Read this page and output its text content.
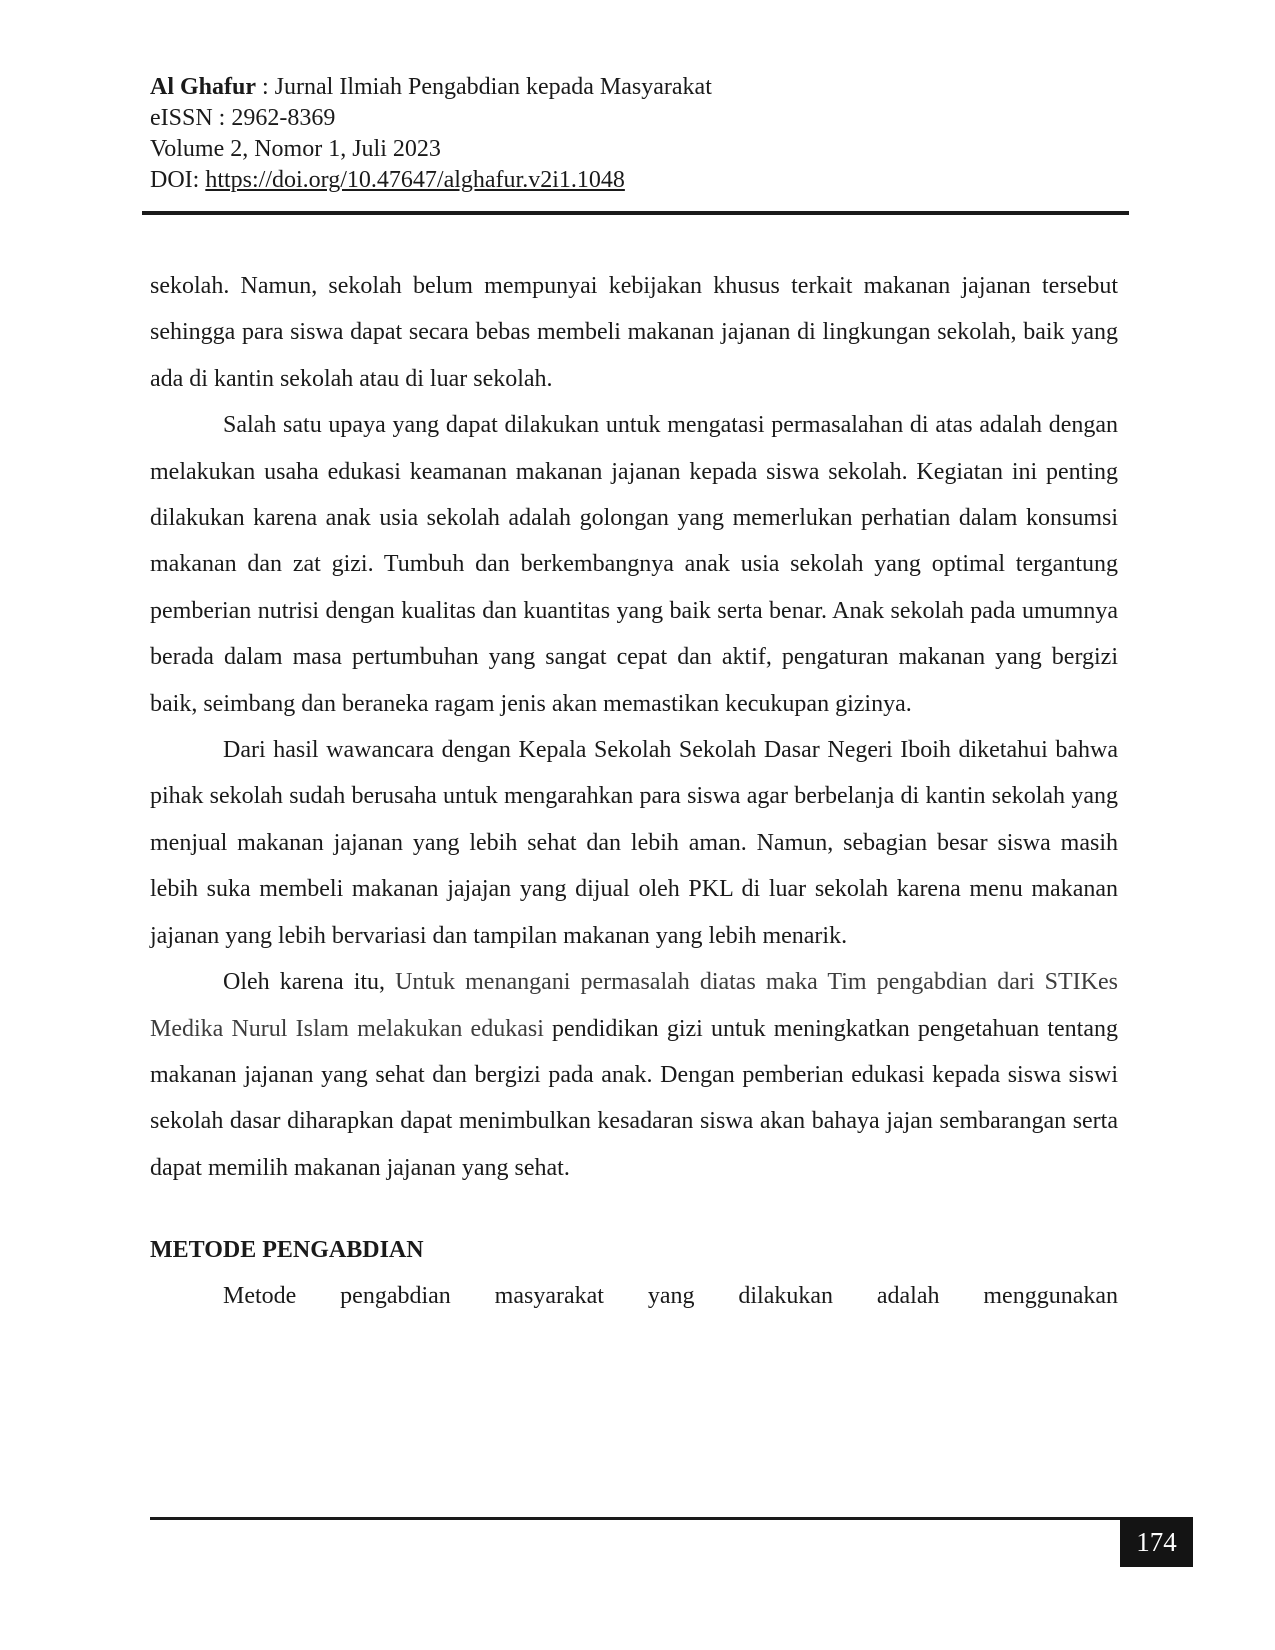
Al Ghafur : Jurnal Ilmiah Pengabdian kepada Masyarakat
eISSN : 2962-8369
Volume 2, Nomor 1, Juli 2023
DOI: https://doi.org/10.47647/alghafur.v2i1.1048

sekolah. Namun, sekolah belum mempunyai kebijakan khusus terkait makanan jajanan tersebut sehingga para siswa dapat secara bebas membeli makanan jajanan di lingkungan sekolah, baik yang ada di kantin sekolah atau di luar sekolah.

Salah satu upaya yang dapat dilakukan untuk mengatasi permasalahan di atas adalah dengan melakukan usaha edukasi keamanan makanan jajanan kepada siswa sekolah. Kegiatan ini penting dilakukan karena anak usia sekolah adalah golongan yang memerlukan perhatian dalam konsumsi makanan dan zat gizi. Tumbuh dan berkembangnya anak usia sekolah yang optimal tergantung pemberian nutrisi dengan kualitas dan kuantitas yang baik serta benar. Anak sekolah pada umumnya berada dalam masa pertumbuhan yang sangat cepat dan aktif, pengaturan makanan yang bergizi baik, seimbang dan beraneka ragam jenis akan memastikan kecukupan gizinya.

Dari hasil wawancara dengan Kepala Sekolah Sekolah Dasar Negeri Iboih diketahui bahwa pihak sekolah sudah berusaha untuk mengarahkan para siswa agar berbelanja di kantin sekolah yang menjual makanan jajanan yang lebih sehat dan lebih aman. Namun, sebagian besar siswa masih lebih suka membeli makanan jajajan yang dijual oleh PKL di luar sekolah karena menu makanan jajanan yang lebih bervariasi dan tampilan makanan yang lebih menarik.

Oleh karena itu, Untuk menangani permasalah diatas maka Tim pengabdian dari STIKes Medika Nurul Islam melakukan edukasi pendidikan gizi untuk meningkatkan pengetahuan tentang makanan jajanan yang sehat dan bergizi pada anak. Dengan pemberian edukasi kepada siswa siswi sekolah dasar diharapkan dapat menimbulkan kesadaran siswa akan bahaya jajan sembarangan serta dapat memilih makanan jajanan yang sehat.

METODE PENGABDIAN

Metode pengabdian masyarakat yang dilakukan adalah menggunakan

174
